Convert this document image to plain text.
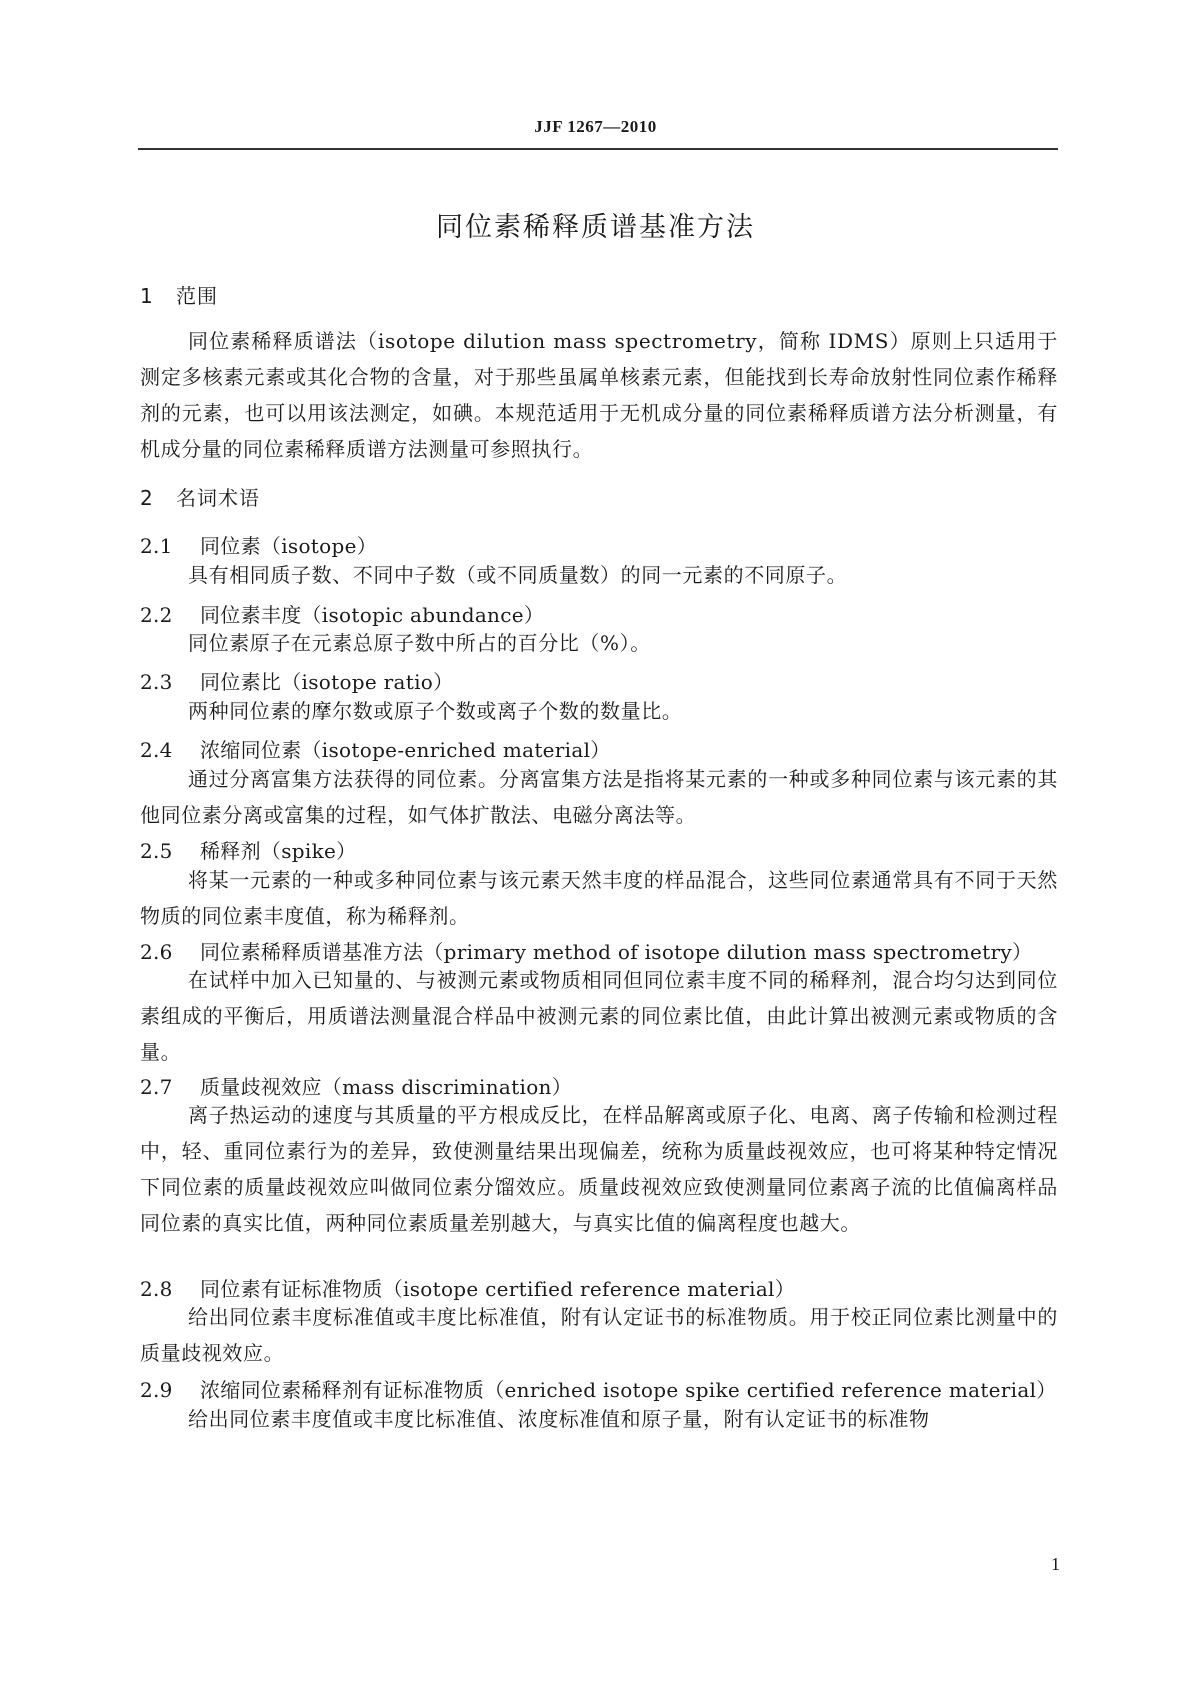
JJF 1267—2010
同位素稀释质谱基准方法
1 范围
同位素稀释质谱法（isotope dilution mass spectrometry，简称 IDMS）原则上只适用于测定多核素元素或其化合物的含量，对于那些虽属单核素元素，但能找到长寿命放射性同位素作稀释剂的元素，也可以用该法测定，如碘。本规范适用于无机成分量的同位素稀释质谱方法分析测量，有机成分量的同位素稀释质谱方法测量可参照执行。
2 名词术语
2.1 同位素（isotope）
具有相同质子数、不同中子数（或不同质量数）的同一元素的不同原子。
2.2 同位素丰度（isotopic abundance）
同位素原子在元素总原子数中所占的百分比（%）。
2.3 同位素比（isotope ratio）
两种同位素的摩尔数或原子个数或离子个数的数量比。
2.4 浓缩同位素（isotope-enriched material）
通过分离富集方法获得的同位素。分离富集方法是指将某元素的一种或多种同位素与该元素的其他同位素分离或富集的过程，如气体扩散法、电磁分离法等。
2.5 稀释剂（spike）
将某一元素的一种或多种同位素与该元素天然丰度的样品混合，这些同位素通常具有不同于天然物质的同位素丰度值，称为稀释剂。
2.6 同位素稀释质谱基准方法（primary method of isotope dilution mass spectrometry）
在试样中加入已知量的、与被测元素或物质相同但同位素丰度不同的稀释剂，混合均匀达到同位素组成的平衡后，用质谱法测量混合样品中被测元素的同位素比值，由此计算出被测元素或物质的含量。
2.7 质量歧视效应（mass discrimination）
离子热运动的速度与其质量的平方根成反比，在样品解离或原子化、电离、离子传输和检测过程中，轻、重同位素行为的差异，致使测量结果出现偏差，统称为质量歧视效应，也可将某种特定情况下同位素的质量歧视效应叫做同位素分馏效应。质量歧视效应致使测量同位素离子流的比值偏离样品同位素的真实比值，两种同位素质量差别越大，与真实比值的偏离程度也越大。
2.8 同位素有证标准物质（isotope certified reference material）
给出同位素丰度标准值或丰度比标准值，附有认定证书的标准物质。用于校正同位素比测量中的质量歧视效应。
2.9 浓缩同位素稀释剂有证标准物质（enriched isotope spike certified reference material）
给出同位素丰度值或丰度比标准值、浓度标准值和原子量，附有认定证书的标准物
1
